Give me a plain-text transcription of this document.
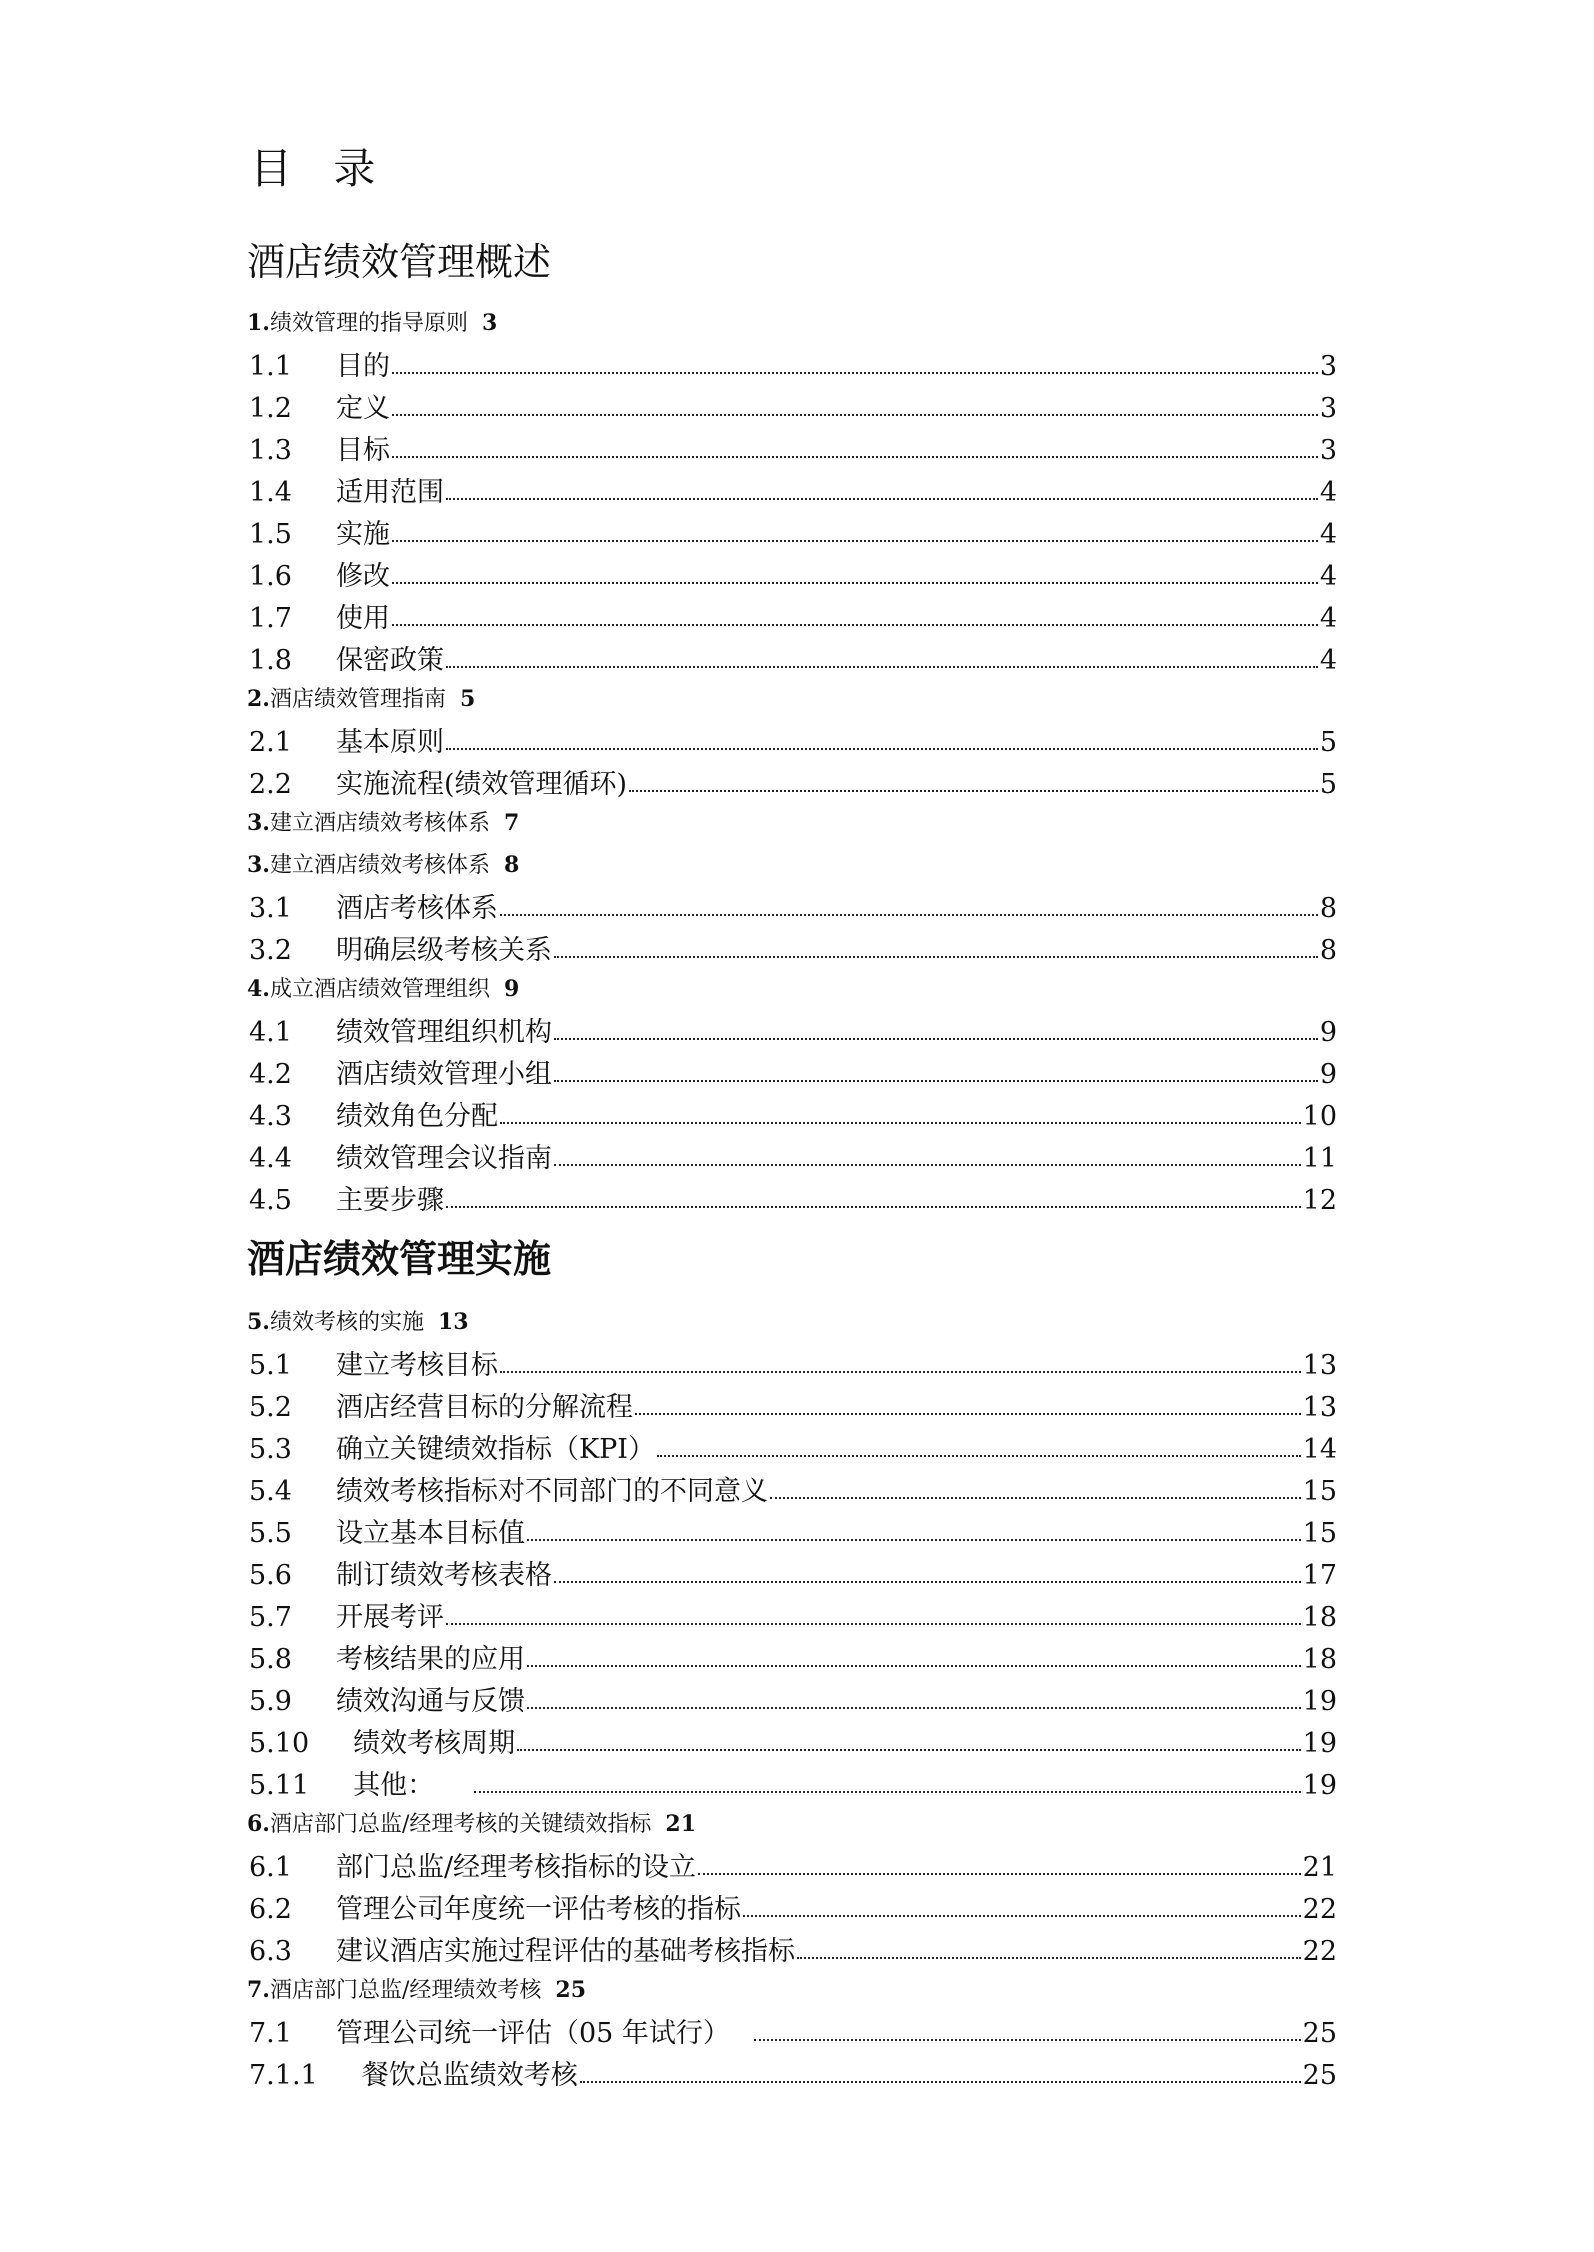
目 录
酒店绩效管理概述
1.绩效管理的指导原则 3
1.1 目的	3
1.2 定义	3
1.3 目标	3
1.4 适用范围	4
1.5 实施	4
1.6 修改	4
1.7 使用	4
1.8 保密政策	4
2.酒店绩效管理指南 5
2.1 基本原则	5
2.2 实施流程(绩效管理循环)	5
3.建立酒店绩效考核体系 7
3.建立酒店绩效考核体系 8
3.1 酒店考核体系	8
3.2 明确层级考核关系	8
4.成立酒店绩效管理组织 9
4.1 绩效管理组织机构	9
4.2 酒店绩效管理小组	9
4.3 绩效角色分配	10
4.4 绩效管理会议指南	11
4.5 主要步骤	12
酒店绩效管理实施
5.绩效考核的实施 13
5.1 建立考核目标	13
5.2 酒店经营目标的分解流程	13
5.3 确立关键绩效指标（KPI）	14
5.4 绩效考核指标对不同部门的不同意义	15
5.5 设立基本目标值	15
5.6 制订绩效考核表格	17
5.7 开展考评	18
5.8 考核结果的应用	18
5.9 绩效沟通与反馈	19
5.10 绩效考核周期	19
5.11 其他：	19
6.酒店部门总监/经理考核的关键绩效指标 21
6.1 部门总监/经理考核指标的设立	21
6.2 管理公司年度统一评估考核的指标	22
6.3 建议酒店实施过程评估的基础考核指标	22
7.酒店部门总监/经理绩效考核 25
7.1 管理公司统一评估（05 年试行）	25
7.1.1 餐饮总监绩效考核	25
